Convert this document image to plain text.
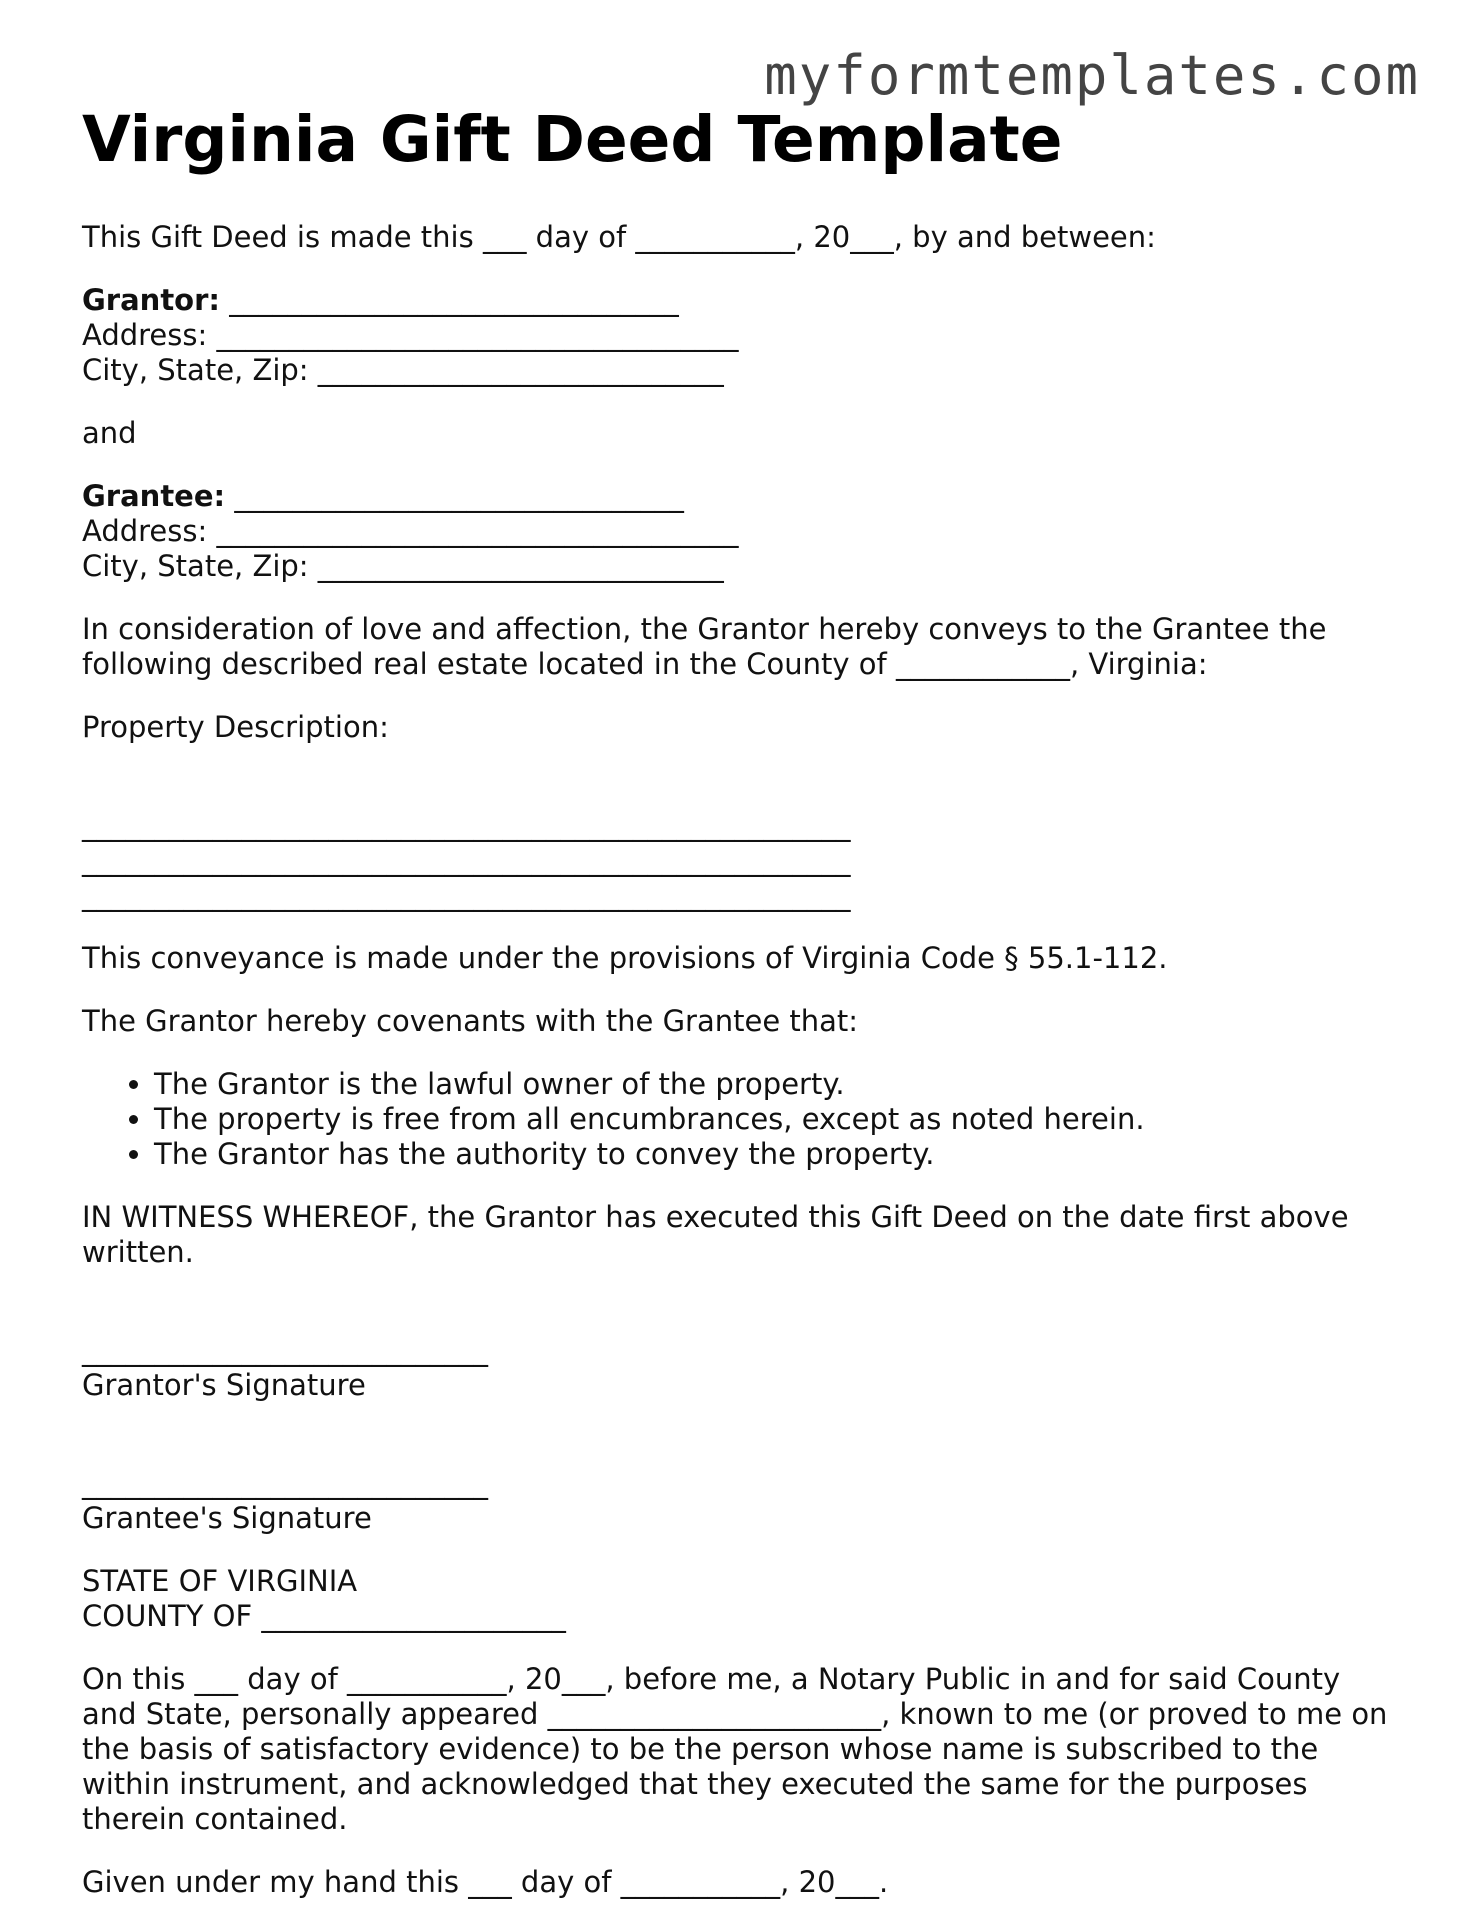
myformtemplates.com
Virginia Gift Deed Template

This Gift Deed is made this ___ day of ___________, 20___, by and between:

Grantor: _______________________________
Address: ____________________________________
City, State, Zip: ____________________________

and

Grantee: _______________________________
Address: ____________________________________
City, State, Zip: ____________________________

In consideration of love and affection, the Grantor hereby conveys to the Grantee the following described real estate located in the County of ____________, Virginia:

Property Description:

_____________________________________________________
_____________________________________________________
_____________________________________________________

This conveyance is made under the provisions of Virginia Code § 55.1-112.

The Grantor hereby covenants with the Grantee that:

• The Grantor is the lawful owner of the property.
• The property is free from all encumbrances, except as noted herein.
• The Grantor has the authority to convey the property.

IN WITNESS WHEREOF, the Grantor has executed this Gift Deed on the date first above written.

____________________________
Grantor's Signature
____________________________
Grantee's Signature
STATE OF VIRGINIA
COUNTY OF _____________________

On this ___ day of ___________, 20___, before me, a Notary Public in and for said County and State, personally appeared _______________________, known to me (or proved to me on the basis of satisfactory evidence) to be the person whose name is subscribed to the within instrument, and acknowledged that they executed the same for the purposes therein contained.

Given under my hand this ___ day of ___________, 20___.
